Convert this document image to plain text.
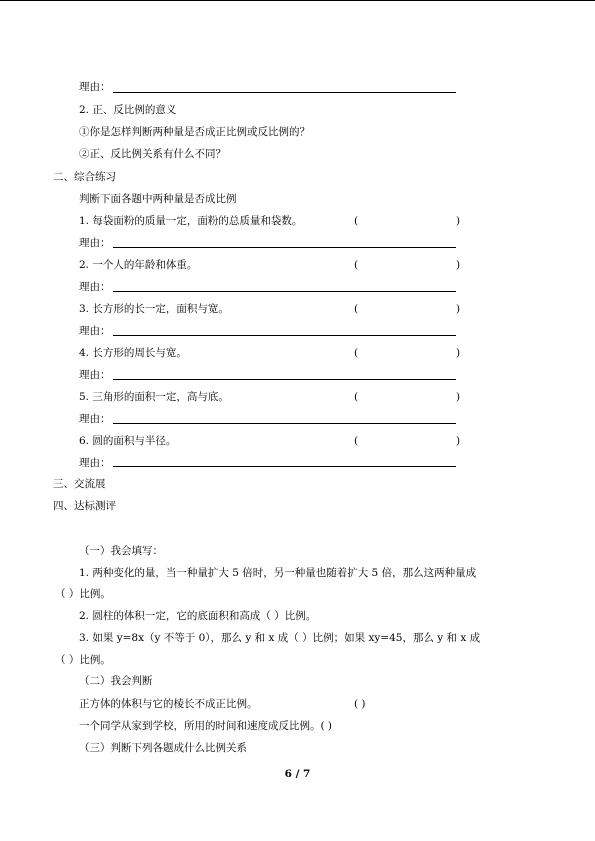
理由：
2. 正、反比例的意义
①你是怎样判断两种量是否成正比例或反比例的？
②正、反比例关系有什么不同？
二、综合练习
判断下面各题中两种量是否成比例
1. 每袋面粉的质量一定，面粉的总质量和袋数。	(	)
理由：
2. 一个人的年龄和体重。	(	)
理由：
3. 长方形的长一定，面积与宽。	(	)
理由：
4. 长方形的周长与宽。	(	)
理由：
5. 三角形的面积一定，高与底。	(	)
理由：
6. 圆的面积与半径。	(	)
理由：
三、交流展
四、达标测评
（一）我会填写：
1. 两种变化的量，当一种量扩大 5 倍时，另一种量也随着扩大 5 倍，那么这两种量成
（ ）比例。
2. 圆柱的体积一定，它的底面积和高成（ ）比例。
3. 如果 y=8x（y 不等于 0），那么 y 和 x 成（ ）比例；如果 xy=45，那么 y 和 x 成
（ ）比例。
（二）我会判断
正方体的体积与它的棱长不成正比例。	( )
一个同学从家到学校，所用的时间和速度成反比例。( )
（三）判断下列各题成什么比例关系
6 / 7
